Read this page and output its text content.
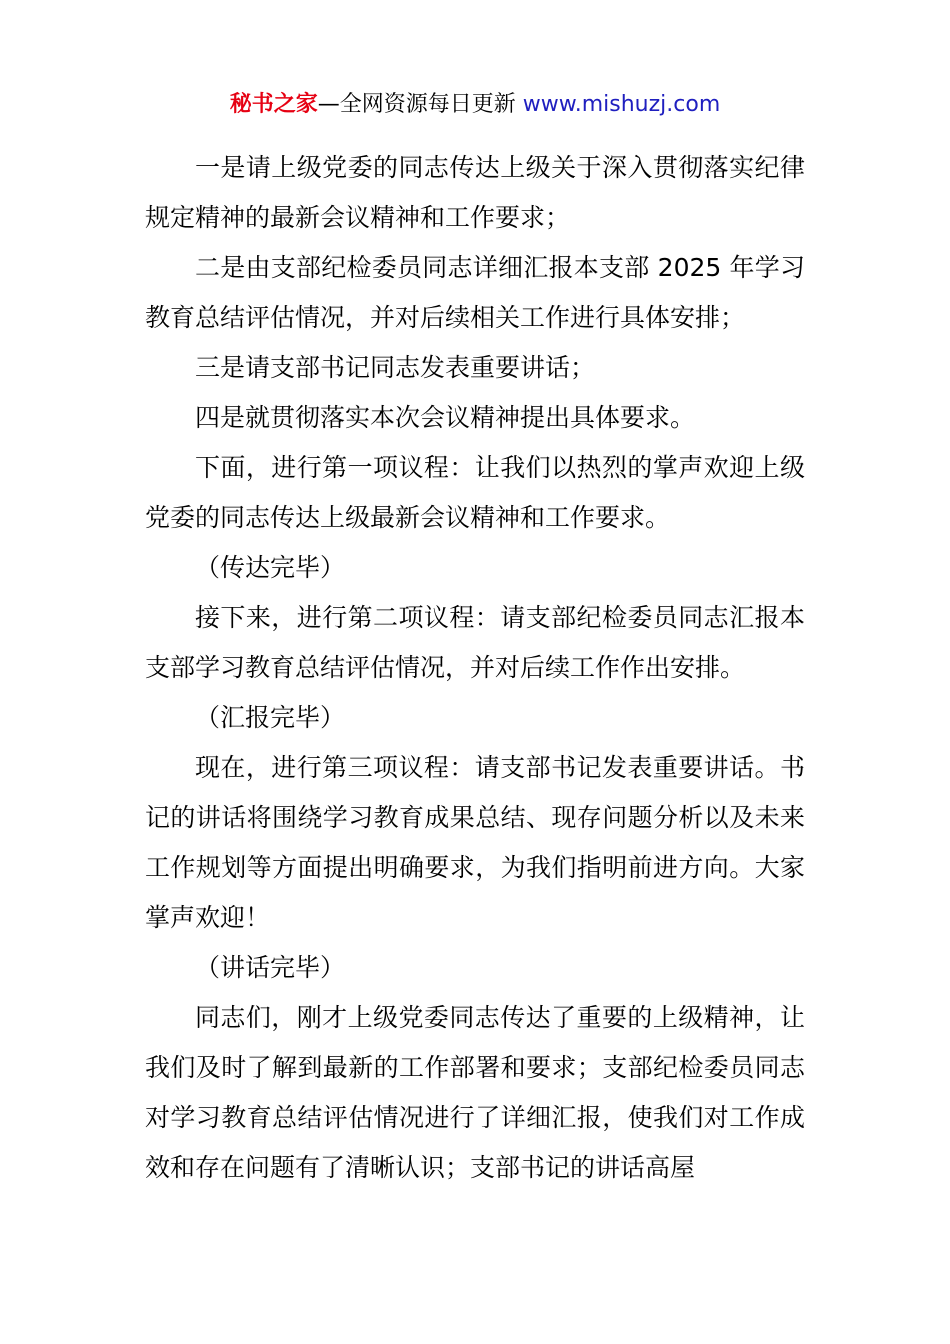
秘书之家—全网资源每日更新 www.mishuzj.com

一是请上级党委的同志传达上级关于深入贯彻落实纪律规定精神的最新会议精神和工作要求；

二是由支部纪检委员同志详细汇报本支部 2025 年学习教育总结评估情况，并对后续相关工作进行具体安排；

三是请支部书记同志发表重要讲话；

四是就贯彻落实本次会议精神提出具体要求。

下面，进行第一项议程：让我们以热烈的掌声欢迎上级党委的同志传达上级最新会议精神和工作要求。

（传达完毕）

接下来，进行第二项议程：请支部纪检委员同志汇报本支部学习教育总结评估情况，并对后续工作作出安排。

（汇报完毕）

现在，进行第三项议程：请支部书记发表重要讲话。书记的讲话将围绕学习教育成果总结、现存问题分析以及未来工作规划等方面提出明确要求，为我们指明前进方向。大家掌声欢迎！

（讲话完毕）

同志们，刚才上级党委同志传达了重要的上级精神，让我们及时了解到最新的工作部署和要求；支部纪检委员同志对学习教育总结评估情况进行了详细汇报，使我们对工作成效和存在问题有了清晰认识；支部书记的讲话高屋
